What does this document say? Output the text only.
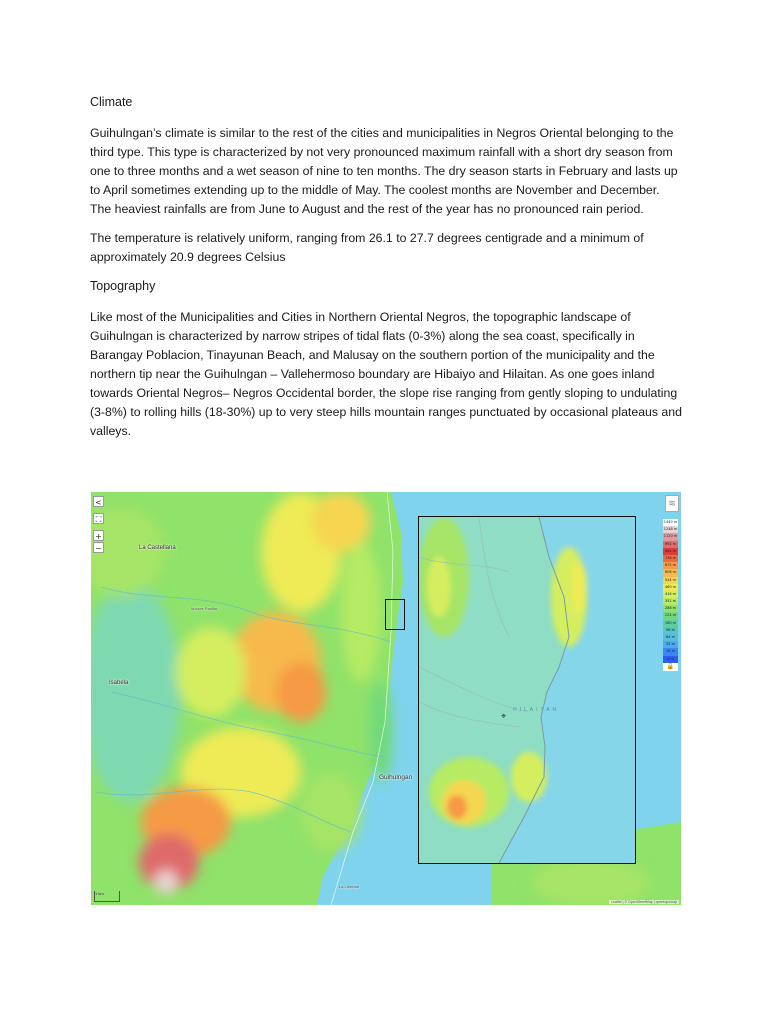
Climate

Guihulngan’s climate is similar to the rest of the cities and municipalities in Negros Oriental belonging to the third type. This type is characterized by not very pronounced maximum rainfall with a short dry season from one to three months and a wet season of nine to ten months. The dry season starts in February and lasts up to April sometimes extending up to the middle of May. The coolest months are November and December. The heaviest rainfalls are from June to August and the rest of the year has no pronounced rain period.

The temperature is relatively uniform, ranging from 26.1 to 27.7 degrees centigrade and a minimum of approximately 20.9 degrees Celsius

Topography

Like most of the Municipalities and Cities in Northern Oriental Negros, the topographic landscape of Guihulngan is characterized by narrow stripes of tidal flats (0-3%) along the sea coast, specifically in Barangay Poblacion, Tinayunan Beach, and Malusay on the southern portion of the municipality and the northern tip near the Guihulngan – Vallehermoso boundary are Hibaiyo and Hilaitan. As one goes inland towards Oriental Negros– Negros Occidental border, the slope rise ranging from gently sloping to undulating (3-8%) to rolling hills (18-30%) up to very steep hills mountain ranges punctuated by occasional plateaus and valleys.

<
⛶
+
−
≋
1440 m
1248 m
1120 m
992 m
864 m
736 m
672 m
608 m
544 m
480 m
416 m
352 m
288 m
224 m
160 m
96 m
64 m
32 m
16 m
0 m
🔒
La Castellana
Moises Padilla
Isabela
Guihulngan
La Libertad
⌖
HILAITAN
1 km
Leaflet | © OpenStreetMap | opentopomap
